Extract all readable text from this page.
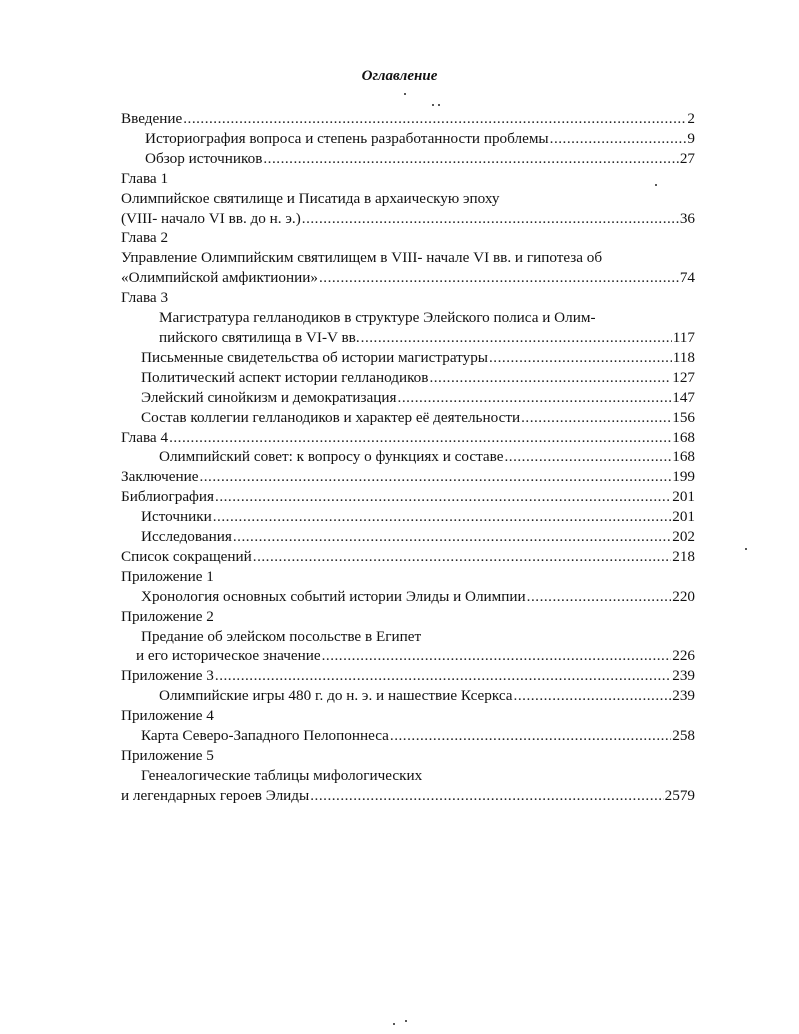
Оглавление
Введение .....	2
Историография вопроса и степень разработанности проблемы .....	9
Обзор источников .....	27
Глава 1
Олимпийское святилище и Писатида в архаическую эпоху
(VIII- начало VI вв. до н. э.) .....	36
Глава 2
Управление Олимпийским святилищем в VIII- начале VI вв. и гипотеза об
«Олимпийской амфиктионии» .....	74
Глава 3
Магистратура гелланодиков в структуре Элейского полиса и Олим-
пийского святилища в VI-V вв. .....	117
Письменные свидетельства об истории магистратуры .....	118
Политический аспект истории гелланодиков .....	127
Элейский синойкизм и демократизация .....	147
Состав коллегии гелланодиков и характер её деятельности .....	156
Глава 4 .....	168
Олимпийский совет: к вопросу о функциях и составе .....	168
Заключение .....	199
Библиография .....	201
Источники .....	201
Исследования .....	202
Список сокращений .....	218
Приложение 1
Хронология основных событий истории Элиды и Олимпии .....	220
Приложение 2
Предание об элейском посольстве в Египет
и его историческое значение .....	226
Приложение 3 .....	239
Олимпийские игры 480 г. до н. э. и нашествие Ксеркса .....	239
Приложение 4
Карта Северо-Западного Пелопоннеса .....	258
Приложение 5
Генеалогические таблицы мифологических
и легендарных героев Элиды .....	2579
